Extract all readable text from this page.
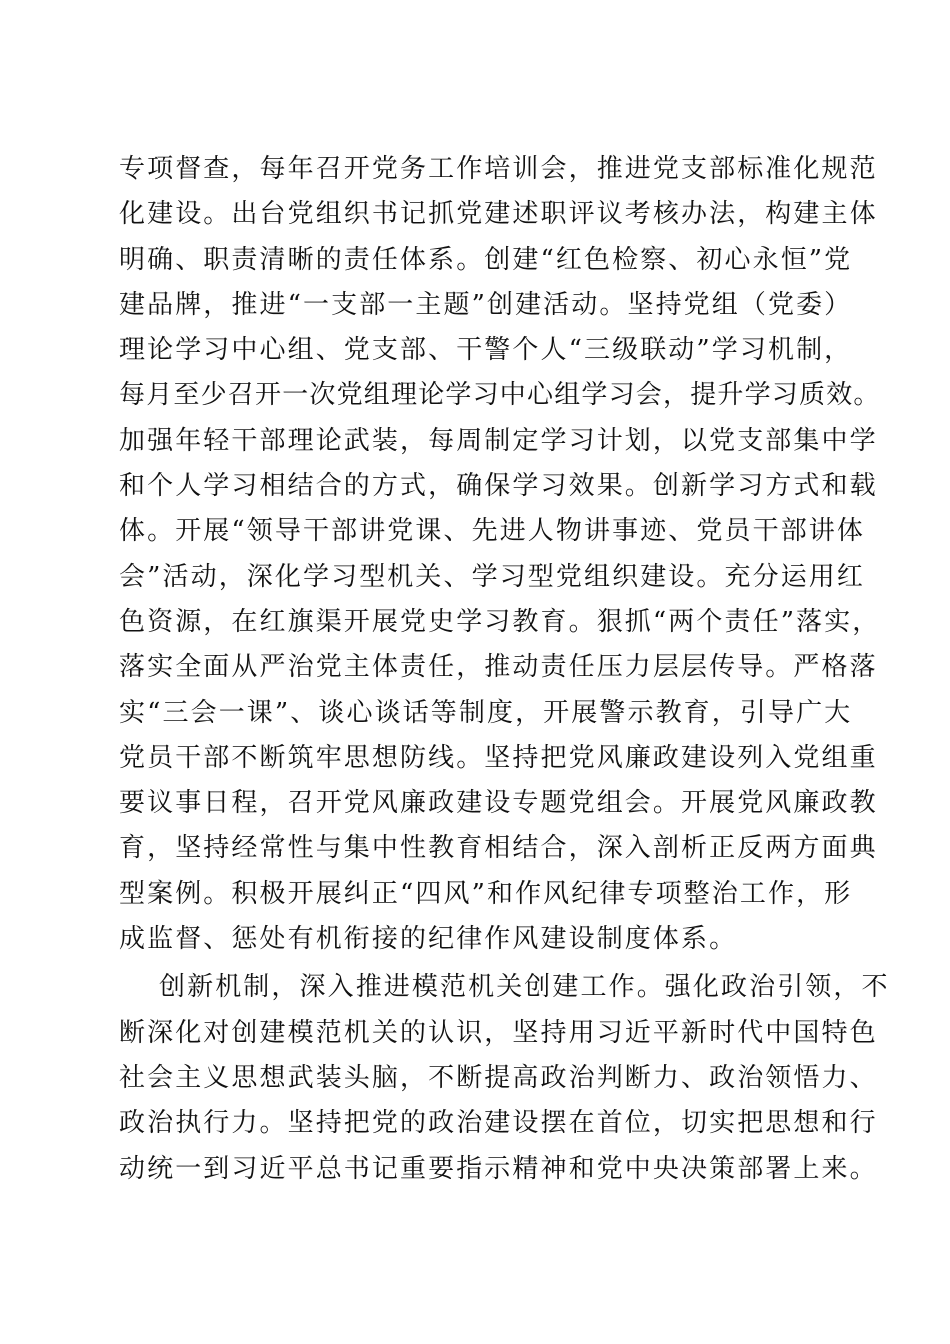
专项督查，每年召开党务工作培训会，推进党支部标准化规范
化建设。出台党组织书记抓党建述职评议考核办法，构建主体
明确、职责清晰的责任体系。创建“红色检察、初心永恒”党
建品牌，推进“一支部一主题”创建活动。坚持党组（党委）
理论学习中心组、党支部、干警个人“三级联动”学习机制，
每月至少召开一次党组理论学习中心组学习会，提升学习质效。
加强年轻干部理论武装，每周制定学习计划，以党支部集中学
和个人学习相结合的方式，确保学习效果。创新学习方式和载
体。开展“领导干部讲党课、先进人物讲事迹、党员干部讲体
会”活动，深化学习型机关、学习型党组织建设。充分运用红
色资源，在红旗渠开展党史学习教育。狠抓“两个责任”落实，
落实全面从严治党主体责任，推动责任压力层层传导。严格落
实“三会一课”、谈心谈话等制度，开展警示教育，引导广大
党员干部不断筑牢思想防线。坚持把党风廉政建设列入党组重
要议事日程，召开党风廉政建设专题党组会。开展党风廉政教
育，坚持经常性与集中性教育相结合，深入剖析正反两方面典
型案例。积极开展纠正“四风”和作风纪律专项整治工作，形
成监督、惩处有机衔接的纪律作风建设制度体系。
创新机制，深入推进模范机关创建工作。强化政治引领，不
断深化对创建模范机关的认识，坚持用习近平新时代中国特色
社会主义思想武装头脑，不断提高政治判断力、政治领悟力、
政治执行力。坚持把党的政治建设摆在首位，切实把思想和行
动统一到习近平总书记重要指示精神和党中央决策部署上来。
